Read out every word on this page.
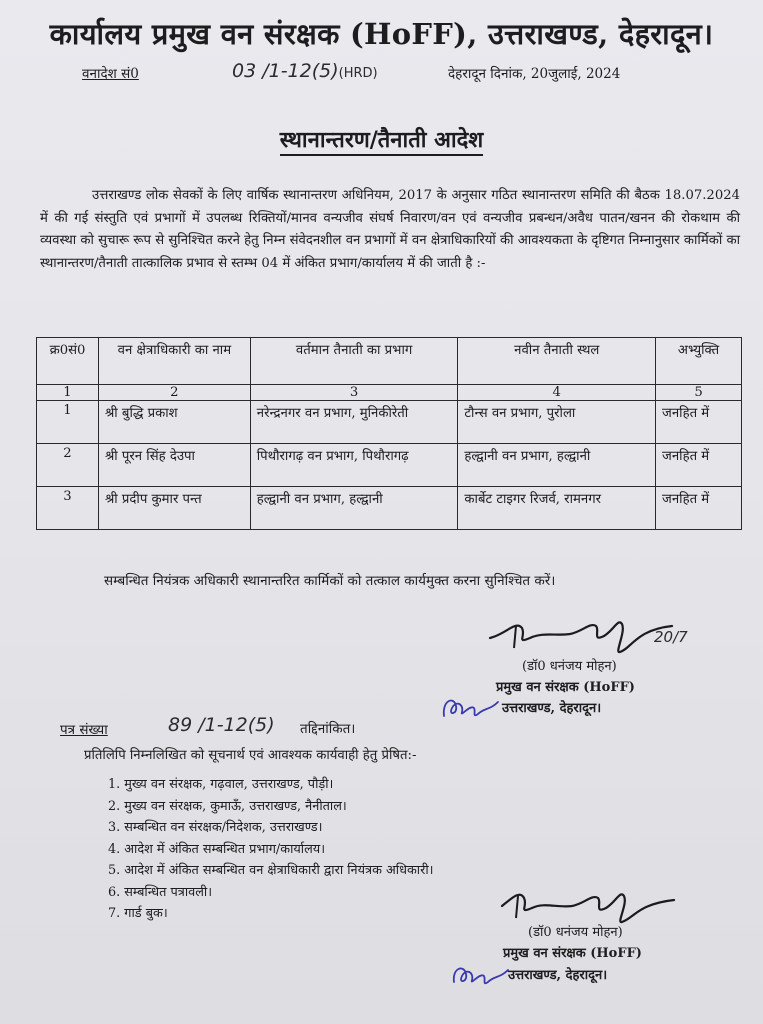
कार्यालय प्रमुख वन संरक्षक (HoFF), उत्तराखण्ड, देहरादून।
वनादेश सं0	03 /1-12(5)(HRD)	देहरादून दिनांक, 20जुलाई, 2024
स्थानान्तरण/तैनाती आदेश
उत्तराखण्ड लोक सेवकों के लिए वार्षिक स्थानान्तरण अधिनियम, 2017 के अनुसार गठित स्थानान्तरण समिति की बैठक 18.07.2024 में की गई संस्तुति एवं प्रभागों में उपलब्ध रिक्तियों/मानव वन्यजीव संघर्ष निवारण/वन एवं वन्यजीव प्रबन्धन/अवैध पातन/खनन की रोकथाम की व्यवस्था को सुचारू रूप से सुनिश्चित करने हेतु निम्न संवेदनशील वन प्रभागों में वन क्षेत्राधिकारियों की आवश्यकता के दृष्टिगत निम्नानुसार कार्मिकों का स्थानान्तरण/तैनाती तात्कालिक प्रभाव से स्तम्भ 04 में अंकित प्रभाग/कार्यालय में की जाती है :-
क्र0सं0	वन क्षेत्राधिकारी का नाम	वर्तमान तैनाती का प्रभाग	नवीन तैनाती स्थल	अभ्युक्ति
1	2	3	4	5
1	श्री बुद्धि प्रकाश	नरेन्द्रनगर वन प्रभाग, मुनिकीरेती	टौन्स वन प्रभाग, पुरोला	जनहित में
2	श्री पूरन सिंह देउपा	पिथौरागढ़ वन प्रभाग, पिथौरागढ़	हल्द्वानी वन प्रभाग, हल्द्वानी	जनहित में
3	श्री प्रदीप कुमार पन्त	हल्द्वानी वन प्रभाग, हल्द्वानी	कार्बेट टाइगर रिजर्व, रामनगर	जनहित में
सम्बन्धित नियंत्रक अधिकारी स्थानान्तरित कार्मिकों को तत्काल कार्यमुक्त करना सुनिश्चित करें।
20/7
(डॉ0 धनंजय मोहन)
प्रमुख वन संरक्षक (HoFF)
उत्तराखण्ड, देहरादून।
पत्र संख्या	89 /1-12(5) तद्दिनांकित।
प्रतिलिपि निम्नलिखित को सूचनार्थ एवं आवश्यक कार्यवाही हेतु प्रेषित:-
1. मुख्य वन संरक्षक, गढ़वाल, उत्तराखण्ड, पौड़ी।
2. मुख्य वन संरक्षक, कुमाऊँ, उत्तराखण्ड, नैनीताल।
3. सम्बन्धित वन संरक्षक/निदेशक, उत्तराखण्ड।
4. आदेश में अंकित सम्बन्धित प्रभाग/कार्यालय।
5. आदेश में अंकित सम्बन्धित वन क्षेत्राधिकारी द्वारा नियंत्रक अधिकारी।
6. सम्बन्धित पत्रावली।
7. गार्ड बुक।
(डॉ0 धनंजय मोहन)
प्रमुख वन संरक्षक (HoFF)
उत्तराखण्ड, देहरादून।
